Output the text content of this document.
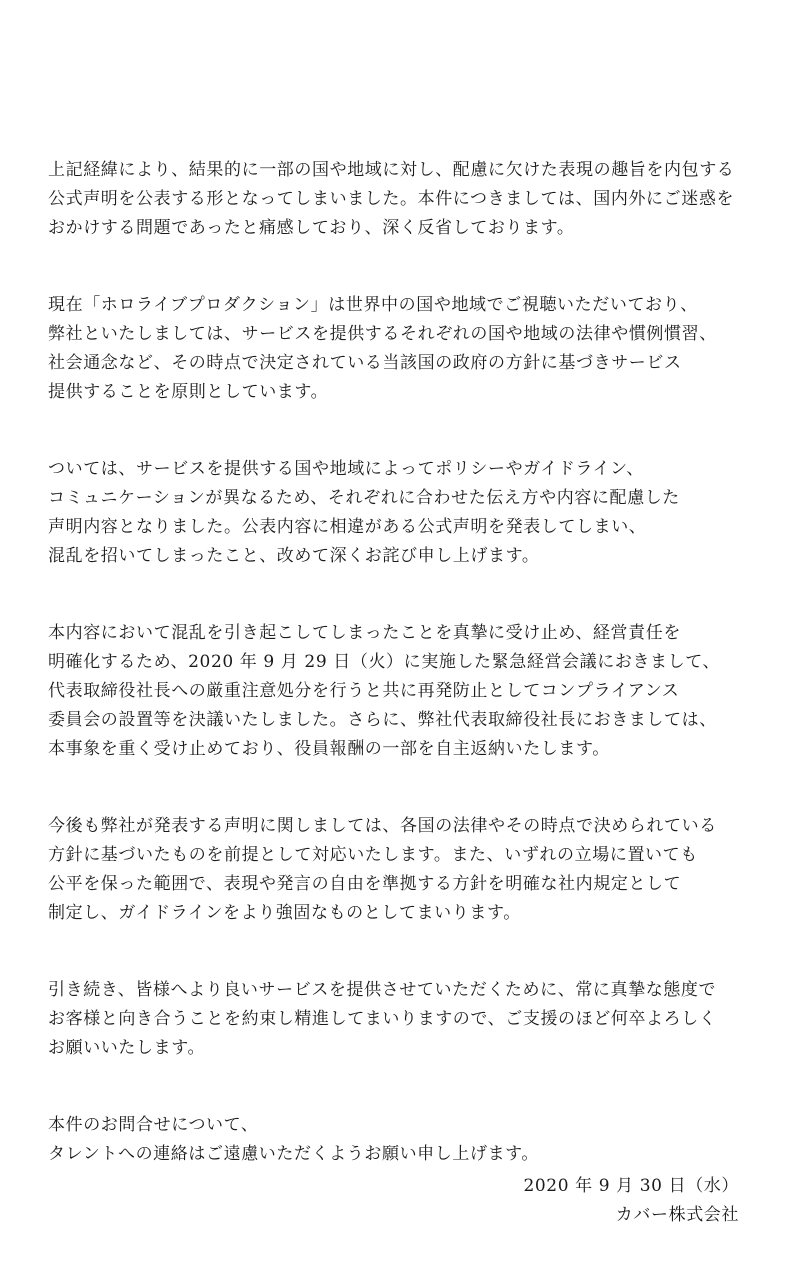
上記経緯により、結果的に一部の国や地域に対し、配慮に欠けた表現の趣旨を内包する
公式声明を公表する形となってしまいました。本件につきましては、国内外にご迷惑を
おかけする問題であったと痛感しており、深く反省しております。

現在「ホロライブプロダクション」は世界中の国や地域でご視聴いただいており、
弊社といたしましては、サービスを提供するそれぞれの国や地域の法律や慣例慣習、
社会通念など、その時点で決定されている当該国の政府の方針に基づきサービス
提供することを原則としています。

ついては、サービスを提供する国や地域によってポリシーやガイドライン、
コミュニケーションが異なるため、それぞれに合わせた伝え方や内容に配慮した
声明内容となりました。公表内容に相違がある公式声明を発表してしまい、
混乱を招いてしまったこと、改めて深くお詫び申し上げます。

本内容において混乱を引き起こしてしまったことを真摯に受け止め、経営責任を
明確化するため、2020 年 9 月 29 日（火）に実施した緊急経営会議におきまして、
代表取締役社長への厳重注意処分を行うと共に再発防止としてコンプライアンス
委員会の設置等を決議いたしました。さらに、弊社代表取締役社長におきましては、
本事象を重く受け止めており、役員報酬の一部を自主返納いたします。

今後も弊社が発表する声明に関しましては、各国の法律やその時点で決められている
方針に基づいたものを前提として対応いたします。また、いずれの立場に置いても
公平を保った範囲で、表現や発言の自由を準拠する方針を明確な社内規定として
制定し、ガイドラインをより強固なものとしてまいります。

引き続き、皆様へより良いサービスを提供させていただくために、常に真摯な態度で
お客様と向き合うことを約束し精進してまいりますので、ご支援のほど何卒よろしく
お願いいたします。

本件のお問合せについて、
タレントへの連絡はご遠慮いただくようお願い申し上げます。

2020 年 9 月 30 日（水）
カバー株式会社
